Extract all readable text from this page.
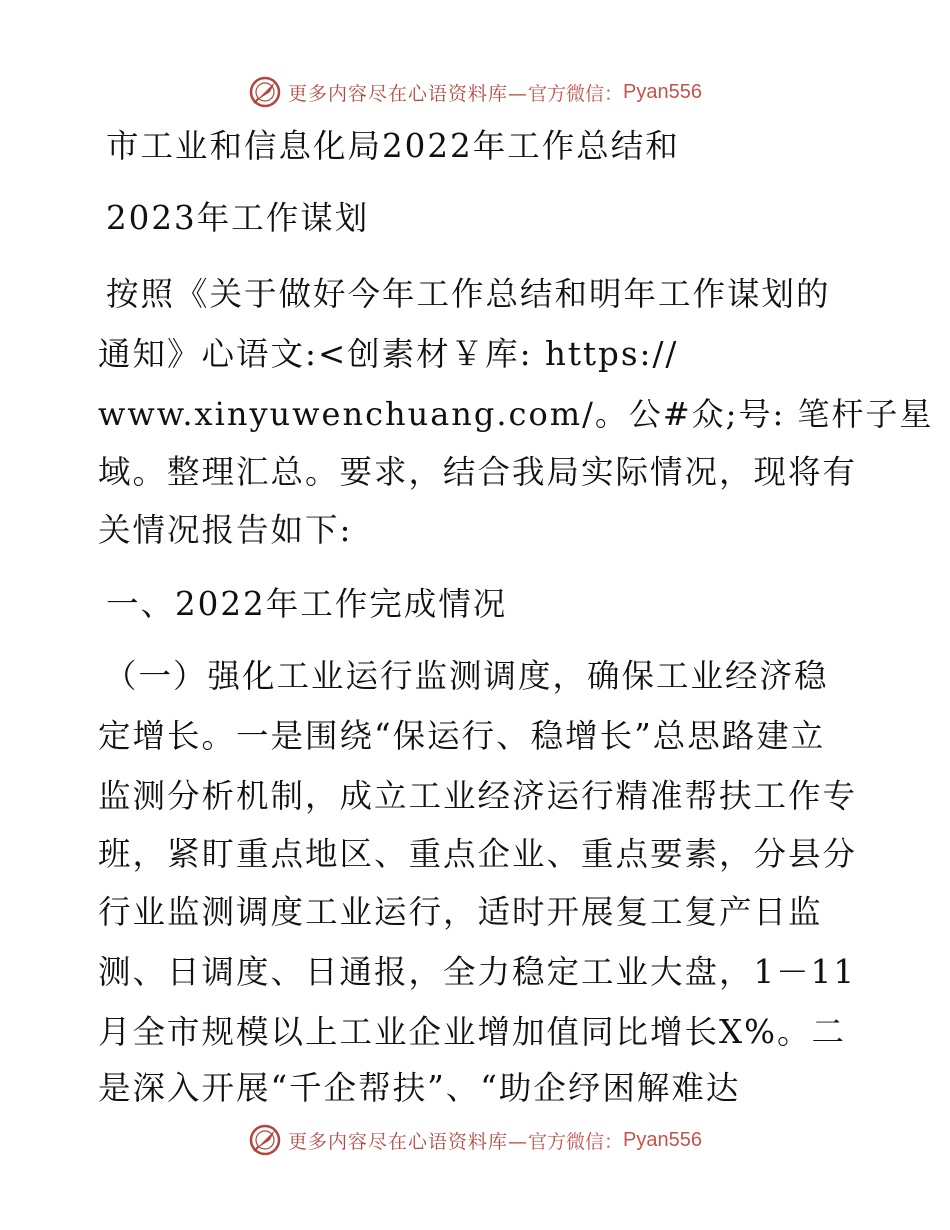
更多内容尽在心语资料库— 官方微信： Pyan556
市工业和信息化局2022年工作总结和
2023年工作谋划
按照《关于做好今年工作总结和明年工作谋划的
通知》心语文:<创素材￥库: https://
www.xinyuwenchuang.com/。公#众;号: 笔杆子星
域。整理汇总。要求，结合我局实际情况，现将有
关情况报告如下:
一、2022年工作完成情况
（一）强化工业运行监测调度，确保工业经济稳
定增长。一是围绕“保运行、稳增长”总思路建立
监测分析机制，成立工业经济运行精准帮扶工作专
班，紧盯重点地区、重点企业、重点要素，分县分
行业监测调度工业运行，适时开展复工复产日监
测、日调度、日通报，全力稳定工业大盘，1－11
月全市规模以上工业企业增加值同比增长X%。二
是深入开展“千企帮扶”、“助企纾困解难达
更多内容尽在心语资料库— 官方微信： Pyan556
